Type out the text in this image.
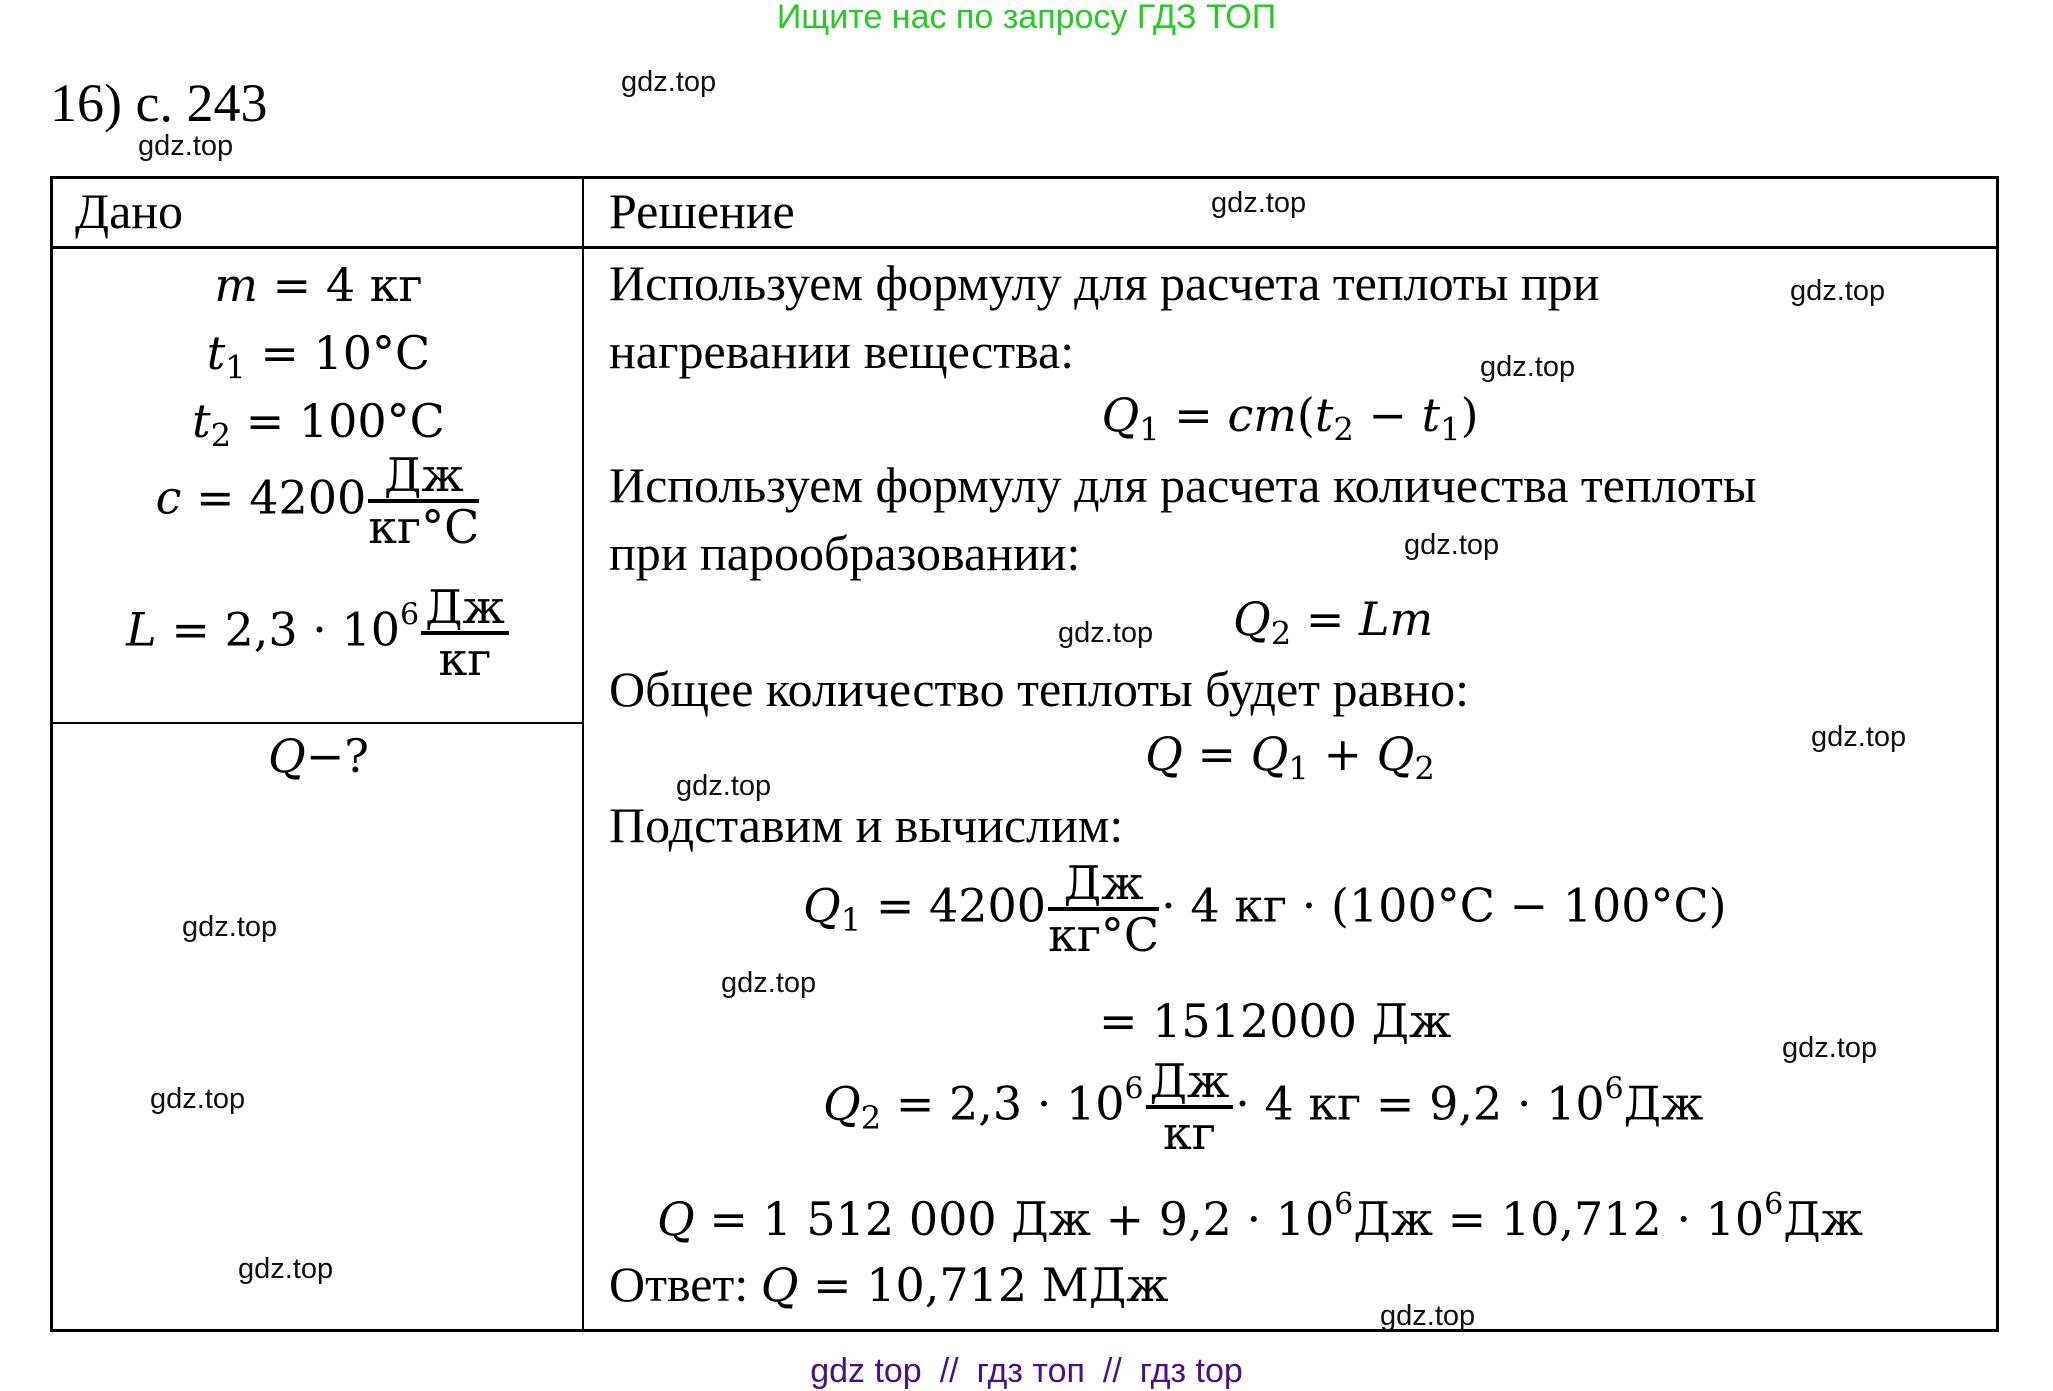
Ищите нас по запросу ГДЗ ТОП
16) с. 243	gdz.top
gdz.top
gdz.top
gdz.top
gdz.top
gdz.top
gdz.top
gdz.top
gdz.top
gdz.top
gdz.top
gdz.top
gdz.top
gdz.top
gdz.top
Дано	Решение
m = 4 кг
$t_1 = 10^\circ C$
$t_2 = 100^\circ C$
$c = 4200 \frac{Дж}{кг^\circ C}$
$L = 2,3 \cdot 10^6 \frac{Дж}{кг}$
Q−?
Используем формулу для расчета теплоты при
нагревании вещества:
$Q_1 = cm(t_2 - t_1)$
Используем формулу для расчета количества теплоты
при парообразовании:
$Q_2 = Lm$
Общее количество теплоты будет равно:
$Q = Q_1 + Q_2$
Подставим и вычислим:
$Q_1 = 4200 \frac{Дж}{кг^\circ C} \cdot 4$ кг · (100°C − 100°C)
= 1512000 Дж
$Q_2 = 2,3 \cdot 10^6 \frac{Дж}{кг} \cdot 4$ кг = $9,2 \cdot 10^6Дж$
Q = 1 512 000 Дж + $9,2 \cdot 10^6Дж = 10,712 \cdot 10^6Дж$
Ответ: Q = 10,712 МДж
gdz top // гдз топ // гдз top
